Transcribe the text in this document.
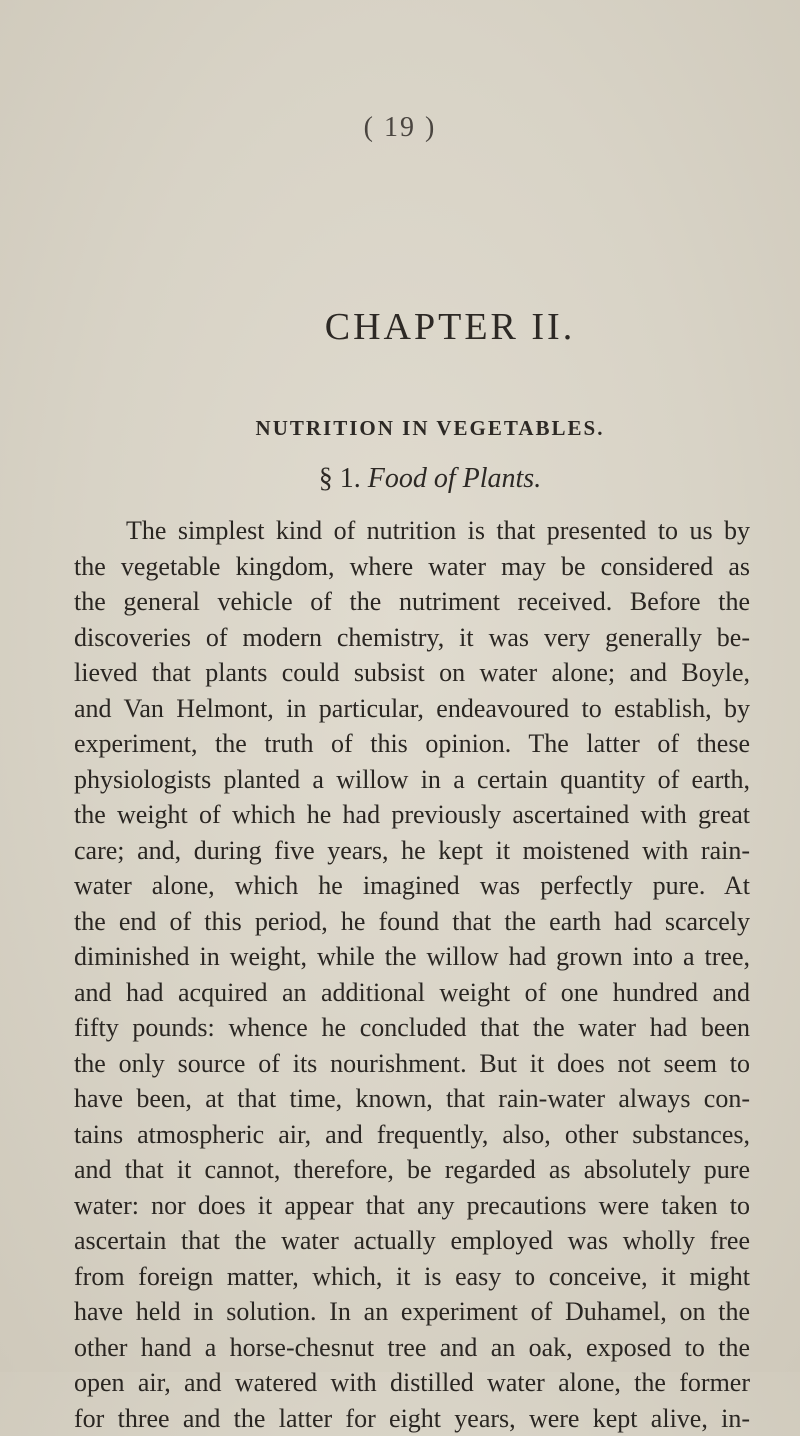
( 19 )
CHAPTER II.
NUTRITION IN VEGETABLES.
§ 1. Food of Plants.
The simplest kind of nutrition is that presented to us by
the vegetable kingdom, where water may be considered as
the general vehicle of the nutriment received. Before the
discoveries of modern chemistry, it was very generally be-
lieved that plants could subsist on water alone; and Boyle,
and Van Helmont, in particular, endeavoured to establish, by
experiment, the truth of this opinion. The latter of these
physiologists planted a willow in a certain quantity of earth,
the weight of which he had previously ascertained with great
care; and, during five years, he kept it moistened with rain-
water alone, which he imagined was perfectly pure. At
the end of this period, he found that the earth had scarcely
diminished in weight, while the willow had grown into a tree,
and had acquired an additional weight of one hundred and
fifty pounds: whence he concluded that the water had been
the only source of its nourishment. But it does not seem to
have been, at that time, known, that rain-water always con-
tains atmospheric air, and frequently, also, other substances,
and that it cannot, therefore, be regarded as absolutely pure
water: nor does it appear that any precautions were taken to
ascertain that the water actually employed was wholly free
from foreign matter, which, it is easy to conceive, it might
have held in solution. In an experiment of Duhamel, on the
other hand a horse-chesnut tree and an oak, exposed to the
open air, and watered with distilled water alone, the former
for three and the latter for eight years, were kept alive, in-
